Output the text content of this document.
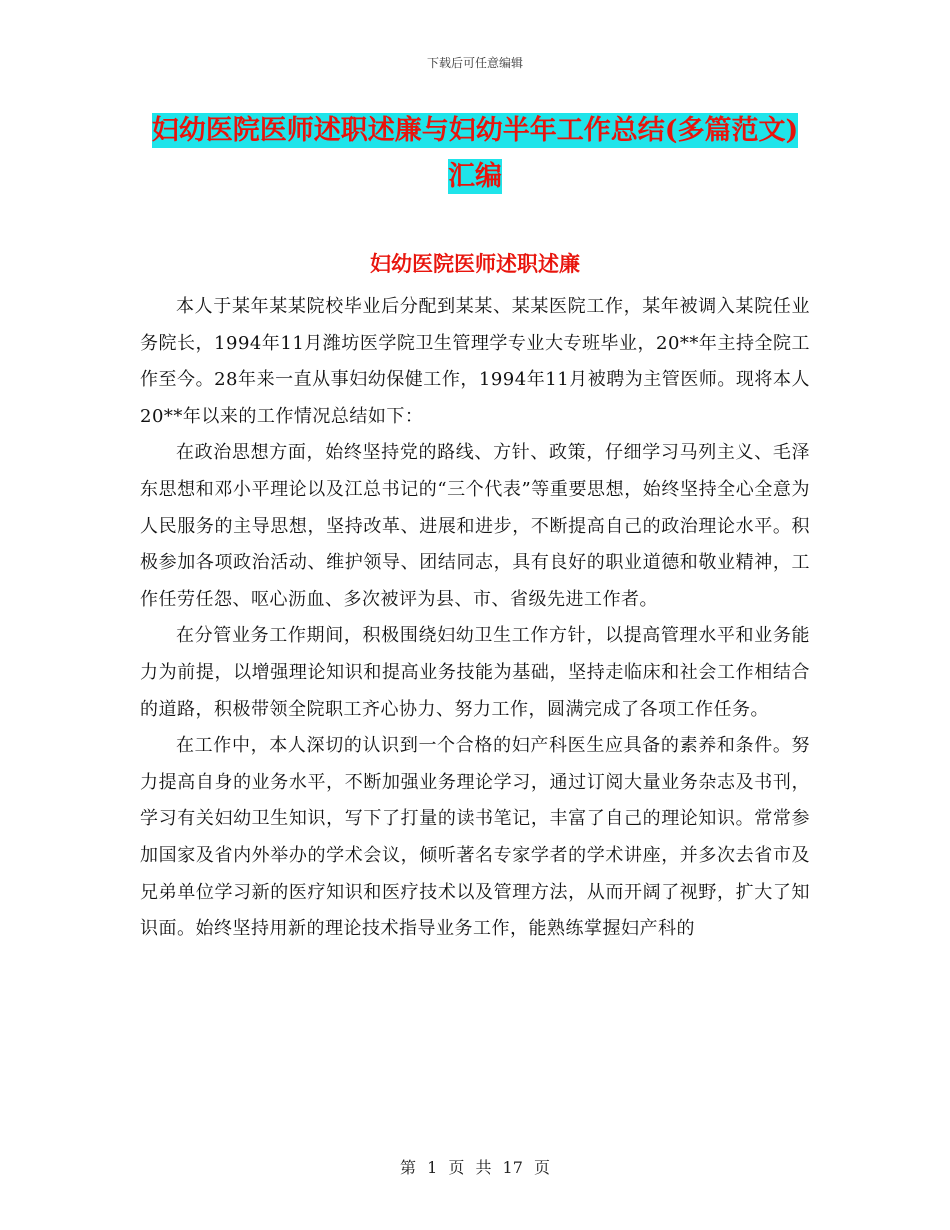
下载后可任意编辑
妇幼医院医师述职述廉与妇幼半年工作总结(多篇范文)汇编
妇幼医院医师述职述廉

本人于某年某某院校毕业后分配到某某、某某医院工作，某年被调入某院任业务院长，1994年11月潍坊医学院卫生管理学专业大专班毕业，20**年主持全院工作至今。28年来一直从事妇幼保健工作，1994年11月被聘为主管医师。现将本人20**年以来的工作情况总结如下：

在政治思想方面，始终坚持党的路线、方针、政策，仔细学习马列主义、毛泽东思想和邓小平理论以及江总书记的“三个代表”等重要思想，始终坚持全心全意为人民服务的主导思想，坚持改革、进展和进步，不断提高自己的政治理论水平。积极参加各项政治活动、维护领导、团结同志，具有良好的职业道德和敬业精神，工作任劳任怨、呕心沥血、多次被评为县、市、省级先进工作者。

在分管业务工作期间，积极围绕妇幼卫生工作方针，以提高管理水平和业务能力为前提，以增强理论知识和提高业务技能为基础，坚持走临床和社会工作相结合的道路，积极带领全院职工齐心协力、努力工作，圆满完成了各项工作任务。

在工作中，本人深切的认识到一个合格的妇产科医生应具备的素养和条件。努力提高自身的业务水平，不断加强业务理论学习，通过订阅大量业务杂志及书刊，学习有关妇幼卫生知识，写下了打量的读书笔记，丰富了自己的理论知识。常常参加国家及省内外举办的学术会议，倾听著名专家学者的学术讲座，并多次去省市及兄弟单位学习新的医疗知识和医疗技术以及管理方法，从而开阔了视野，扩大了知识面。始终坚持用新的理论技术指导业务工作，能熟练掌握妇产科的

第 1 页 共 17 页
